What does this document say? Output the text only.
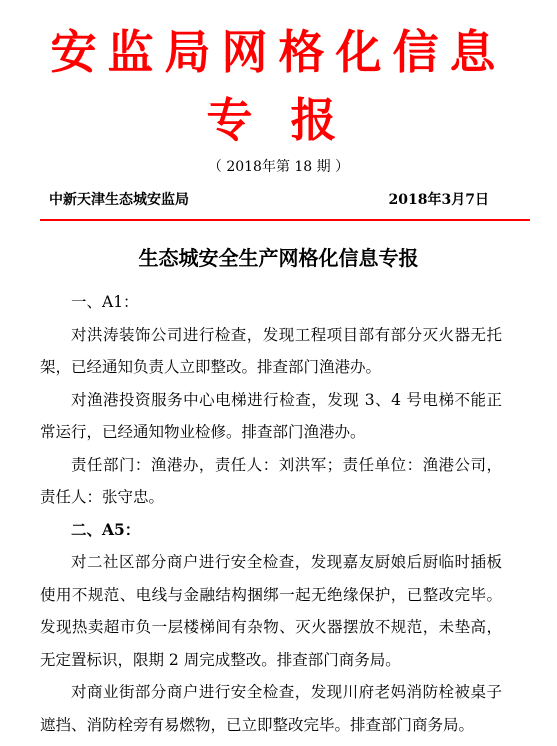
安监局网格化信息
专报
（ 2018年第 18 期 ）
中新天津生态城安监局	2018年3月7日
生态城安全生产网格化信息专报

一、A1：

对洪涛装饰公司进行检查，发现工程项目部有部分灭火器无托架，已经通知负责人立即整改。排查部门渔港办。

对渔港投资服务中心电梯进行检查，发现 3、4 号电梯不能正常运行，已经通知物业检修。排查部门渔港办。

责任部门：渔港办，责任人：刘洪军；责任单位：渔港公司，责任人：张守忠。

二、A5：

对二社区部分商户进行安全检查，发现嘉友厨娘后厨临时插板使用不规范、电线与金融结构捆绑一起无绝缘保护，已整改完毕。发现热卖超市负一层楼梯间有杂物、灭火器摆放不规范，未垫高，无定置标识，限期 2 周完成整改。排查部门商务局。

对商业街部分商户进行安全检查，发现川府老妈消防栓被桌子遮挡、消防栓旁有易燃物，已立即整改完毕。排查部门商务局。
